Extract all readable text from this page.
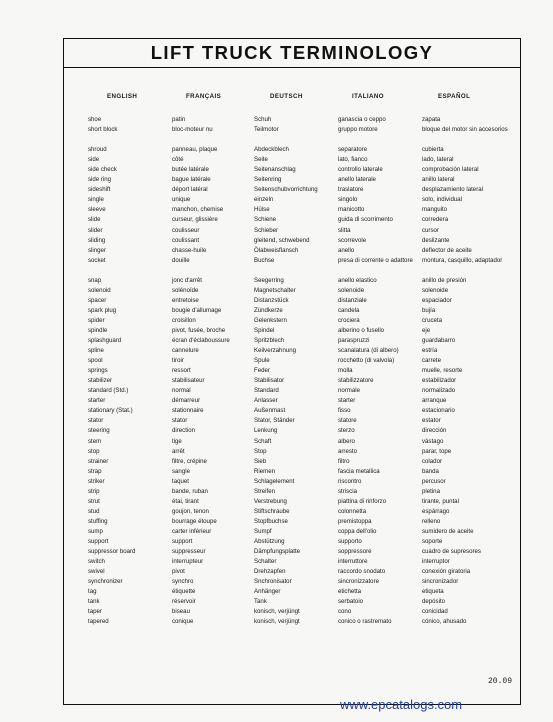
LIFT TRUCK TERMINOLOGY
ENGLISH	FRANÇAIS	DEUTSCH	ITALIANO	ESPAÑOL
shoe	patin	Schuh	ganascia o ceppo	zapata
short block	bloc-moteur nu	Teilmotor	gruppo motore	bloque del motor sin accesorios
shroud	panneau, plaque	Abdeckblech	separatore	cubierta
side	côté	Seite	lato, fianco	lado, lateral
side check	butée latérale	Seitenanschlag	controllo laterale	comprobación lateral
side ring	bague latérale	Seitenring	anello laterale	anillo lateral
sideshift	déport latéral	Seitenschubvorrichtung	traslatore	desplazamiento lateral
single	unique	einzeln	singolo	solo, individual
sleeve	manchon, chemise	Hülse	manicotto	manguito
slide	curseur, glissière	Schiene	guida di scorrimento	corredera
slider	coulisseur	Schieber	slitta	cursor
sliding	coulissant	gleitend, schwebend	scorrevole	deslizante
slinger	chasse-huile	Ölabweisflansch	anello	deflector de aceite
socket	douille	Buchse	presa di corrente o adattore	montura, casquillo, adaptador
snap	jonc d'arrêt	Seegerring	anello elastico	anillo de presión
solenoid	solénoïde	Magnetschalter	solenoide	solenoide
spacer	entretoise	Distanzstück	distanziale	espaciador
spark plug	bougie d'allumage	Zündkerze	candela	bujía
spider	croisillon	Gelenkstern	crociera	cruceta
spindle	pivot, fusée, broche	Spindel	alberino o fusello	eje
splashguard	écran d'éclaboussure	Spritzblech	paraspruzzi	guardabarro
spline	cannelure	Keilverzahnung	scanalatura (di albero)	estría
spool	tiroir	Spule	rocchetto (di valvola)	carrete
springs	ressort	Feder	molla	muelle, resorte
stabilizer	stabilisateur	Stabilisator	stabilizzatore	estabilizador
standard (Std.)	normal	Standard	normale	normalizado
starter	démarreur	Anlasser	starter	arranque
stationary (Stat.)	stationnaire	Außenmast	fisso	estacionario
stator	stator	Stator, Ständer	statore	estator
steering	direction	Lenkung	sterzo	dirección
stem	tige	Schaft	albero	vástago
stop	arrêt	Stop	arresto	parar, tope
strainer	filtre, crépine	Sieb	filtro	colador
strap	sangle	Riemen	fascia metallica	banda
striker	taquet	Schlagelement	riscontro	percusor
strip	bande, ruban	Streifen	striscia	pletina
strut	étai, tirant	Verstrebung	piattina di rinforzo	tirante, puntal
stud	goujon, tenon	Stiftschraube	colonnetta	espárrago
stuffing	bourrage étoupe	Stopfbuchse	premistoppa	relleno
sump	carter inférieur	Sumpf	coppa dell'olio	sumidero de aceite
support	support	Abstützung	supporto	soporte
suppressor board	suppresseur	Dämpfungsplatte	soppressore	cuadro de supresores
switch	interrupteur	Schalter	interruttore	interruptor
swivel	pivot	Drehzapfen	raccordo snodato	conexión giratoria
synchronizer	synchro	Snchronisator	sincronizzatore	sincronizador
tag	étiquette	Anhänger	etichetta	etiqueta
tank	réservoir	Tank	serbatoio	depósito
taper	biseau	konisch, verjüngt	cono	conicidad
tapered	conique	konisch, verjüngt	conico o rastremato	cónico, ahusado
20.09
www.epcatalogs.com
